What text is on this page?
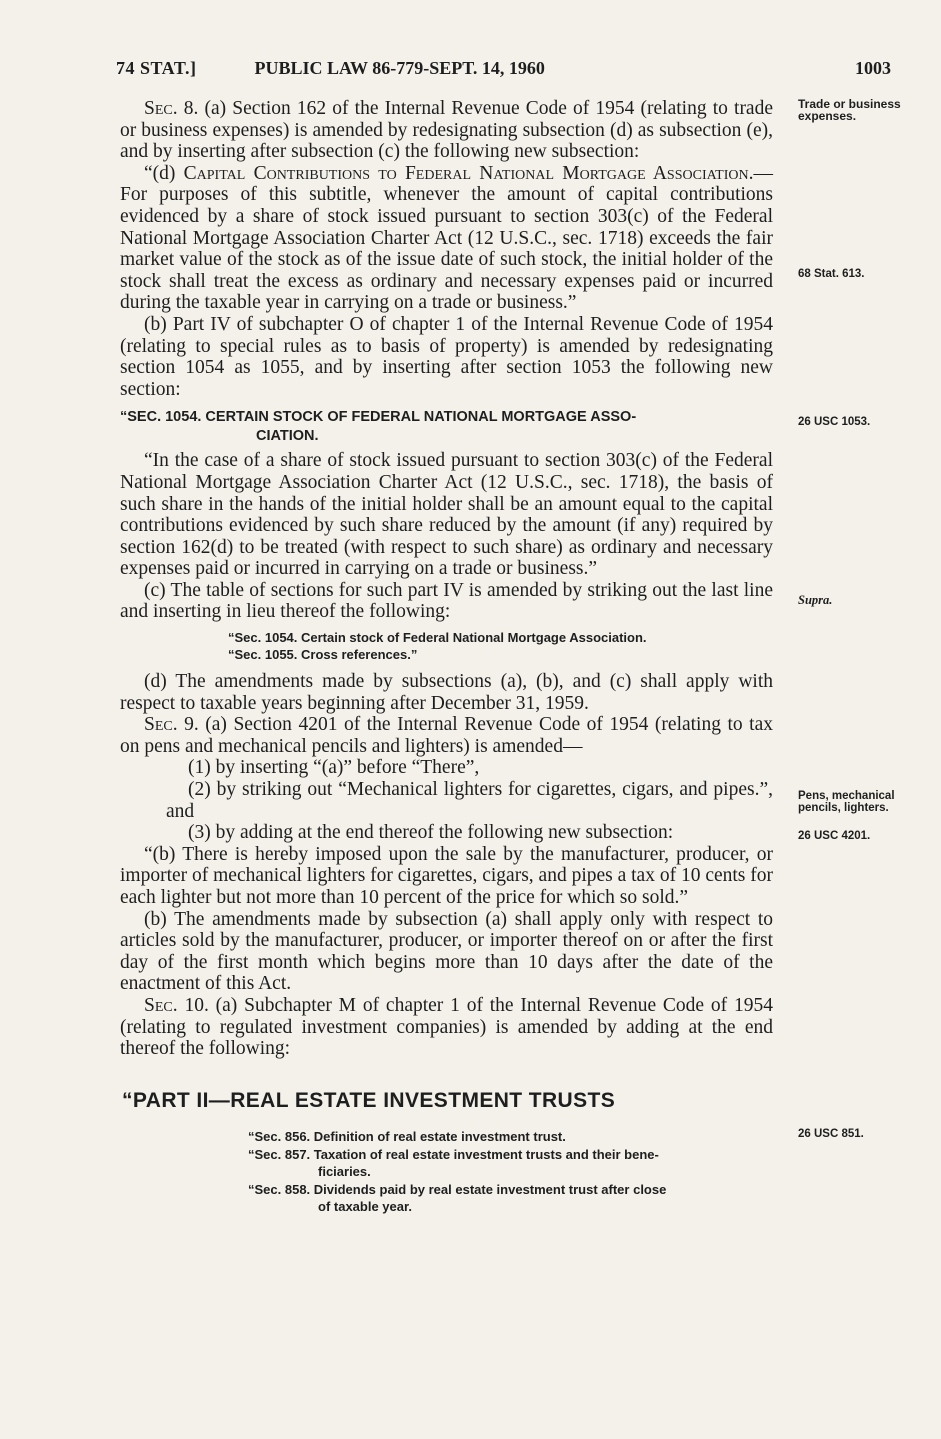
74 STAT.]	PUBLIC LAW 86-779-SEPT. 14, 1960	1003

Sec. 8. (a) Section 162 of the Internal Revenue Code of 1954 (relating to trade or business expenses) is amended by redesignating subsection (d) as subsection (e), and by inserting after subsection (c) the following new subsection:

“(d) Capital Contributions to Federal National Mortgage Association.—For purposes of this subtitle, whenever the amount of capital contributions evidenced by a share of stock issued pursuant to section 303(c) of the Federal National Mortgage Association Charter Act (12 U.S.C., sec. 1718) exceeds the fair market value of the stock as of the issue date of such stock, the initial holder of the stock shall treat the excess as ordinary and necessary expenses paid or incurred during the taxable year in carrying on a trade or business.”

(b) Part IV of subchapter O of chapter 1 of the Internal Revenue Code of 1954 (relating to special rules as to basis of property) is amended by redesignating section 1054 as 1055, and by inserting after section 1053 the following new section:

“SEC. 1054. CERTAIN STOCK OF FEDERAL NATIONAL MORTGAGE ASSO-
CIATION.

“In the case of a share of stock issued pursuant to section 303(c) of the Federal National Mortgage Association Charter Act (12 U.S.C., sec. 1718), the basis of such share in the hands of the initial holder shall be an amount equal to the capital contributions evidenced by such share reduced by the amount (if any) required by section 162(d) to be treated (with respect to such share) as ordinary and necessary expenses paid or incurred in carrying on a trade or business.”

(c) The table of sections for such part IV is amended by striking out the last line and inserting in lieu thereof the following:

“Sec. 1054. Certain stock of Federal National Mortgage Association.
“Sec. 1055. Cross references.”

(d) The amendments made by subsections (a), (b), and (c) shall apply with respect to taxable years beginning after December 31, 1959.

Sec. 9. (a) Section 4201 of the Internal Revenue Code of 1954 (relating to tax on pens and mechanical pencils and lighters) is amended—

(1) by inserting “(a)” before “There”,

(2) by striking out “Mechanical lighters for cigarettes, cigars, and pipes.”, and

(3) by adding at the end thereof the following new subsection:

“(b) There is hereby imposed upon the sale by the manufacturer, producer, or importer of mechanical lighters for cigarettes, cigars, and pipes a tax of 10 cents for each lighter but not more than 10 percent of the price for which so sold.”

(b) The amendments made by subsection (a) shall apply only with respect to articles sold by the manufacturer, producer, or importer thereof on or after the first day of the first month which begins more than 10 days after the date of the enactment of this Act.

Sec. 10. (a) Subchapter M of chapter 1 of the Internal Revenue Code of 1954 (relating to regulated investment companies) is amended by adding at the end thereof the following:

“PART II—REAL ESTATE INVESTMENT TRUSTS
“Sec. 856. Definition of real estate investment trust.
“Sec. 857. Taxation of real estate investment trusts and their bene-
ficiaries.
“Sec. 858. Dividends paid by real estate investment trust after close
of taxable year.
Trade or business expenses.
68 Stat. 613.
26 USC 1053.
Supra.
Pens, mechanical pencils, lighters.
26 USC 4201.
26 USC 851.
